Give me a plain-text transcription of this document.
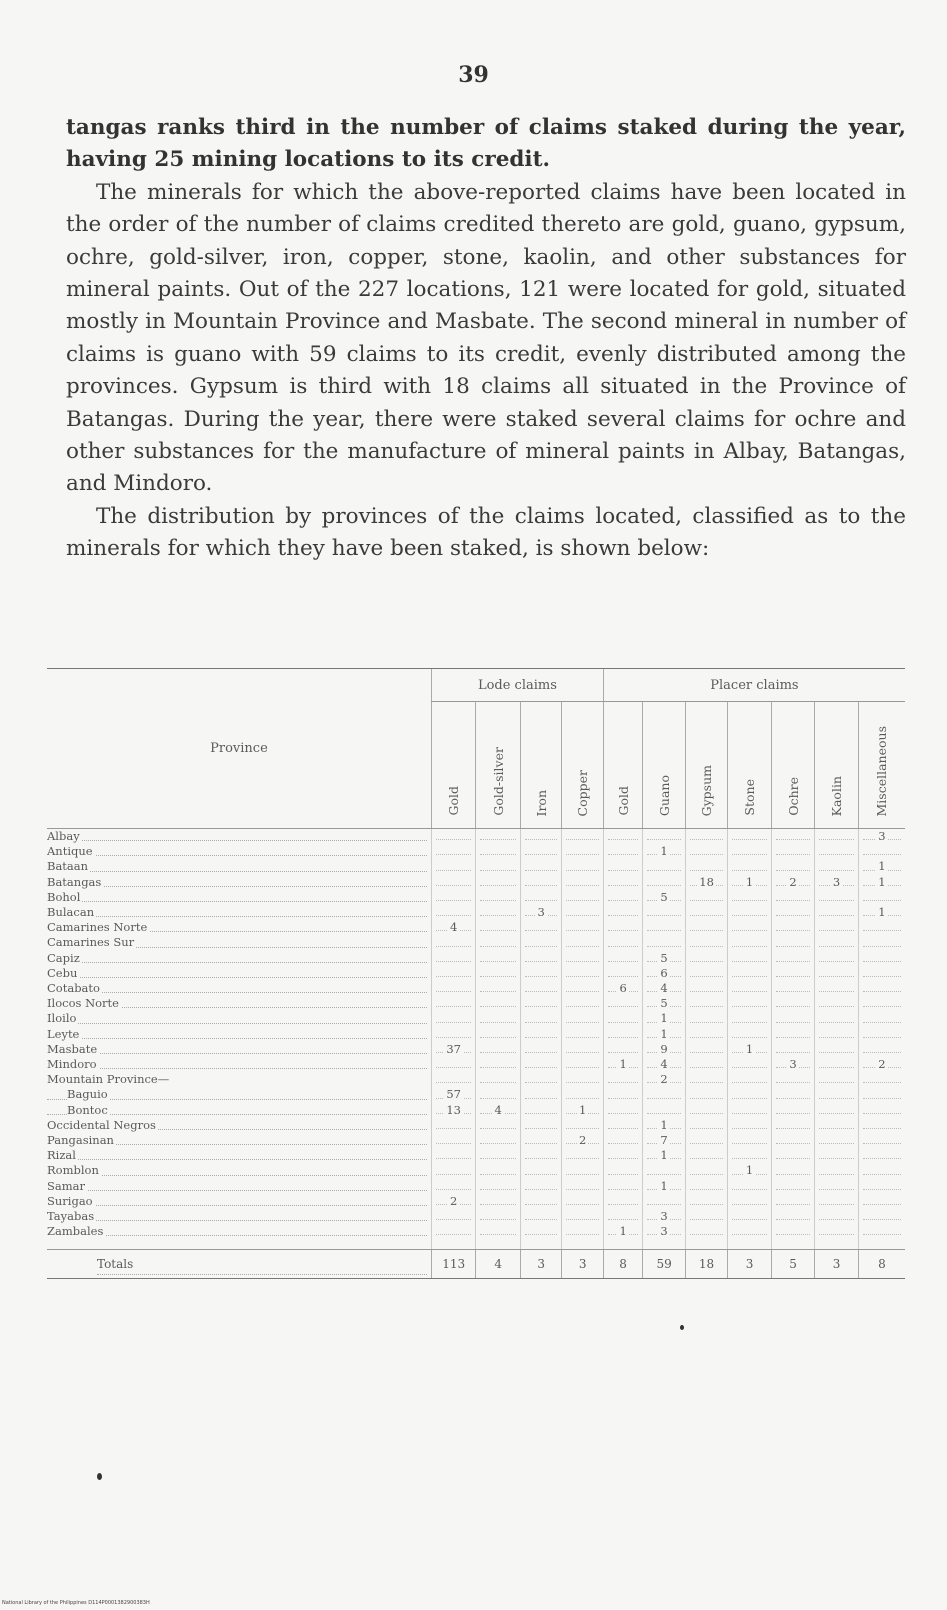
39

tangas ranks third in the number of claims staked during the year, having 25 mining locations to its credit.

The minerals for which the above-reported claims have been located in the order of the number of claims credited thereto are gold, guano, gypsum, ochre, gold-silver, iron, copper, stone, kaolin, and other substances for mineral paints. Out of the 227 locations, 121 were located for gold, situated mostly in Mountain Province and Masbate. The second mineral in number of claims is guano with 59 claims to its credit, evenly distributed among the provinces. Gypsum is third with 18 claims all situated in the Province of Batangas. During the year, there were staked several claims for ochre and other substances for the manufacture of mineral paints in Albay, Batangas, and Mindoro.

The distribution by provinces of the claims located, classified as to the minerals for which they have been staked, is shown below:

Province	Lode claims				Placer claims						
	Gold	Gold-silver	Iron	Copper	Gold	Guano	Gypsum	Stone	Ochre	Kaolin	Miscellaneous

Albay											3

Antique						1	

Bataan											1

Batangas							18	1	2	3	1

Bohol						5	

Bulacan			3								1

Camarines Norte	4	

Camarines Sur	

Capiz						5	

Cebu						6	

Cotabato					6	4	

Ilocos Norte						5	

Iloilo						1	

Leyte						1	

Masbate	37					9		1	

Mindoro					1	4			3		2
Mountain Province—						2	

Baguio	57	

Bontoc	13	4		1	

Occidental Negros						1	

Pangasinan				2		7	

Rizal						1	

Romblon								1	

Samar						1	

Surigao	2	

Tayabas						3	

Zambales					1	3	

Totals	113	4	3	3	8	59	18	3	5	3	8
National Library of the Philippines D114P0001382900383H
